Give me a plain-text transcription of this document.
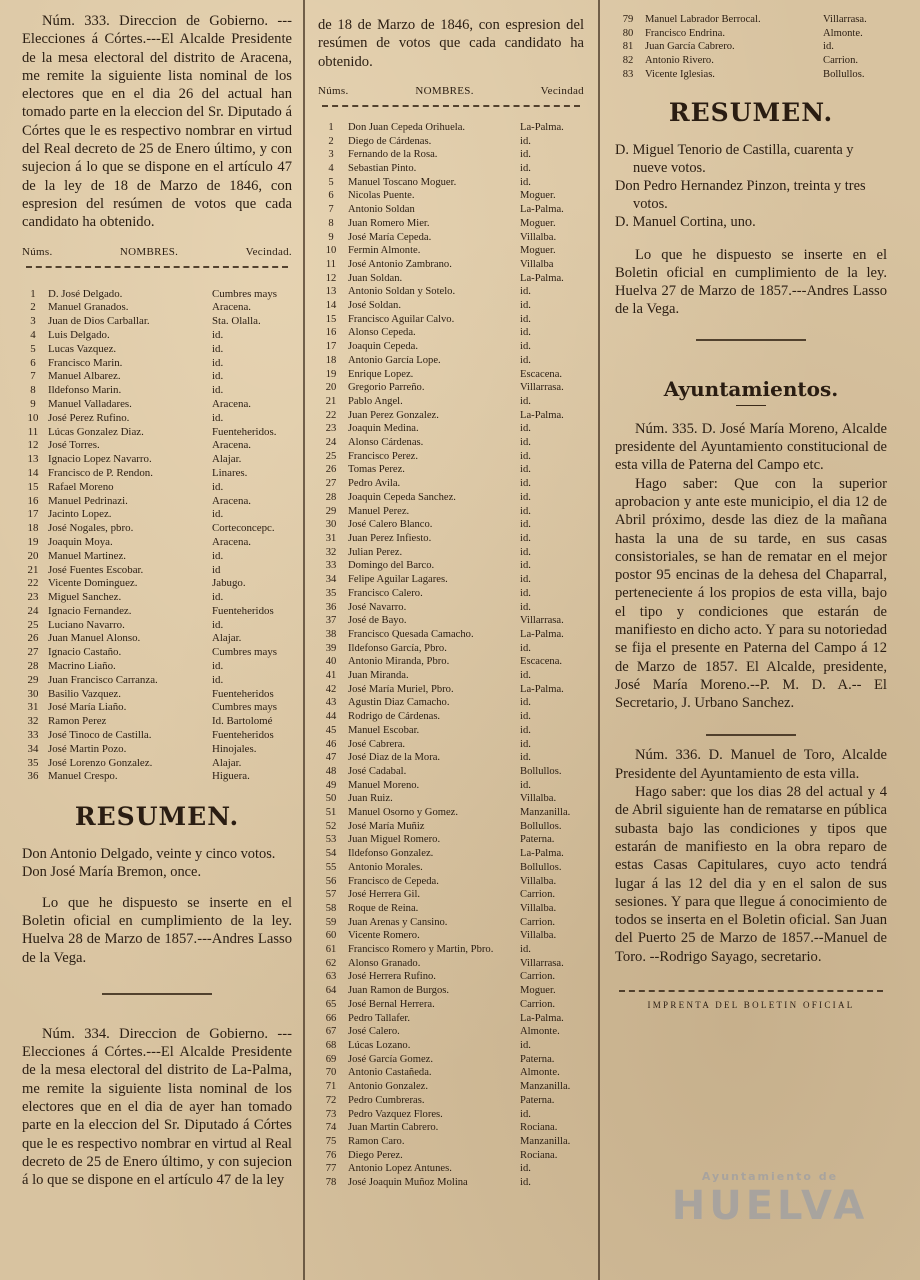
Núm. 333. Direccion de Gobierno. ---Elecciones á Córtes.---El Alcalde Presidente de la mesa electoral del distrito de Aracena, me remite la siguiente lista nominal de los electores que en el dia 26 del actual han tomado parte en la eleccion del Sr. Diputado á Córtes que le es respectivo nombrar en virtud del Real decreto de 25 de Enero último, y con sujecion á lo que se dispone en el artículo 47 de la ley de 18 de Marzo de 1846, con espresion del resúmen de votos que cada candidato ha obtenido.

Núms.	NOMBRES.	Vecindad.
1	D. José Delgado.	Cumbres mays
2	Manuel Granados.	Aracena.
3	Juan de Dios Carballar.	Sta. Olalla.
4	Luis Delgado.	id.
5	Lucas Vazquez.	id.
6	Francisco Marin.	id.
7	Manuel Albarez.	id.
8	Ildefonso Marin.	id.
9	Manuel Valladares.	Aracena.
10 José Perez Rufino.	id.
11 Lúcas Gonzalez Diaz.	Fuenteheridos.
12 José Torres.	Aracena.
13 Ignacio Lopez Navarro.	Alajar.
14 Francisco de P. Rendon.	Linares.
15 Rafael Moreno	id.
16 Manuel Pedrinazi.	Aracena.
17 Jacinto Lopez.	id.
18 José Nogales, pbro.	Corteconcepc.
19 Joaquin Moya.	Aracena.
20 Manuel Martinez.	id.
21 José Fuentes Escobar.	id
22 Vicente Dominguez.	Jabugo.
23 Miguel Sanchez.	id.
24 Ignacio Fernandez.	Fuenteheridos
25 Luciano Navarro.	id.
26 Juan Manuel Alonso.	Alajar.
27 Ignacio Castaño.	Cumbres mays
28 Macrino Liaño.	id.
29 Juan Francisco Carranza.	id.
30 Basilio Vazquez.	Fuenteheridos
31 José María Liaño.	Cumbres mays
32 Ramon Perez	Id. Bartolomé
33 José Tinoco de Castilla.	Fuenteheridos
34 José Martin Pozo.	Hinojales.
35 José Lorenzo Gonzalez.	Alajar.
36 Manuel Crespo.	Higuera.
RESUMEN.

Don Antonio Delgado, veinte y cinco votos.

Don José María Bremon, once.

Lo que he dispuesto se inserte en el Boletin oficial en cumplimiento de la ley. Huelva 28 de Marzo de 1857.---Andres Lasso de la Vega.

Núm. 334. Direccion de Gobierno. ---Elecciones á Córtes.---El Alcalde Presidente de la mesa electoral del distrito de La-Palma, me remite la siguiente lista nominal de los electores que en el dia de ayer han tomado parte en la eleccion del Sr. Diputado á Córtes que le es respectivo nombrar en virtud al Real decreto de 25 de Enero último, y con sujecion á lo que se dispone en el artículo 47 de la ley

de 18 de Marzo de 1846, con espresion del resúmen de votos que cada candidato ha obtenido.

Núms.	NOMBRES.	Vecindad
1	Don Juan Cepeda Orihuela.	La-Palma.
2	Diego de Cárdenas.	id.
3	Fernando de la Rosa.	id.
4	Sebastian Pinto.	id.
5	Manuel Toscano Moguer.	id.
6	Nicolas Puente.	Moguer.
7	Antonio Soldan	La-Palma.
8	Juan Romero Mier.	Moguer.
9	José María Cepeda.	Villalba.
10	Fermin Almonte.	Moguer.
11	José Antonio Zambrano.	Villalba
12	Juan Soldan.	La-Palma.
13	Antonio Soldan y Sotelo.	id.
14	José Soldan.	id.
15	Francisco Aguilar Calvo.	id.
16	Alonso Cepeda.	id.
17	Joaquin Cepeda.	id.
18	Antonio García Lope.	id.
19	Enrique Lopez.	Escacena.
20	Gregorio Parreño.	Villarrasa.
21	Pablo Angel.	id.
22	Juan Perez Gonzalez.	La-Palma.
23	Joaquin Medina.	id.
24	Alonso Cárdenas.	id.
25	Francisco Perez.	id.
26	Tomas Perez.	id.
27	Pedro Avila.	id.
28	Joaquin Cepeda Sanchez.	id.
29	Manuel Perez.	id.
30	José Calero Blanco.	id.
31	Juan Perez Infiesto.	id.
32	Julian Perez.	id.
33	Domingo del Barco.	id.
34	Felipe Aguilar Lagares.	id.
35	Francisco Calero.	id.
36	José Navarro.	id.
37	José de Bayo.	Villarrasa.
38	Francisco Quesada Camacho.	La-Palma.
39	Ildefonso García, Pbro.	id.
40	Antonio Miranda, Pbro.	Escacena.
41	Juan Miranda.	id.
42	José María Muriel, Pbro.	La-Palma.
43	Agustin Diaz Camacho.	id.
44	Rodrigo de Cárdenas.	id.
45	Manuel Escobar.	id.
46	José Cabrera.	id.
47	José Diaz de la Mora.	id.
48	José Cadabal.	Bollullos.
49	Manuel Moreno.	id.
50	Juan Ruiz.	Villalba.
51	Manuel Osorno y Gomez.	Manzanilla.
52	José María Muñiz	Bollullos.
53	Juan Miguel Romero.	Paterna.
54	Ildefonso Gonzalez.	La-Palma.
55	Antonio Morales.	Bollullos.
56	Francisco de Cepeda.	Villalba.
57	José Herrera Gil.	Carrion.
58	Roque de Reina.	Villalba.
59	Juan Arenas y Cansino.	Carrion.
60	Vicente Romero.	Villalba.
61	Francisco Romero y Martin, Pbro.	id.
62	Alonso Granado.	Villarrasa.
63	José Herrera Rufino.	Carrion.
64	Juan Ramon de Burgos.	Moguer.
65	José Bernal Herrera.	Carrion.
66	Pedro Tallafer.	La-Palma.
67	José Calero.	Almonte.
68	Lúcas Lozano.	id.
69	José García Gomez.	Paterna.
70	Antonio Castañeda.	Almonte.
71	Antonio Gonzalez.	Manzanilla.
72	Pedro Cumbreras.	Paterna.
73	Pedro Vazquez Flores.	id.
74	Juan Martin Cabrero.	Rociana.
75	Ramon Caro.	Manzanilla.
76	Diego Perez.	Rociana.
77	Antonio Lopez Antunes.	id.
78	José Joaquin Muñoz Molina	id.
79	Manuel Labrador Berrocal.	Villarrasa.
80	Francisco Endrina.	Almonte.
81	Juan García Cabrero.	id.
82	Antonio Rivero.	Carrion.
83	Vicente Iglesias.	Bollullos.
RESUMEN.

D. Miguel Tenorio de Castilla, cuarenta y nueve votos.

Don Pedro Hernandez Pinzon, treinta y tres votos.

D. Manuel Cortina, uno.

Lo que he dispuesto se inserte en el Boletin oficial en cumplimiento de la ley. Huelva 27 de Marzo de 1857.---Andres Lasso de la Vega.

Ayuntamientos.

Núm. 335. D. José María Moreno, Alcalde presidente del Ayuntamiento constitucional de esta villa de Paterna del Campo etc.

Hago saber: Que con la superior aprobacion y ante este municipio, el dia 12 de Abril próximo, desde las diez de la mañana hasta la una de su tarde, en sus casas consistoriales, se han de rematar en el mejor postor 95 encinas de la dehesa del Chaparral, perteneciente á los propios de esta villa, bajo el tipo y condiciones que estarán de manifiesto en dicho acto. Y para su notoriedad se fija el presente en Paterna del Campo á 12 de Marzo de 1857. El Alcalde, presidente, José María Moreno.--P. M. D. A.-- El Secretario, J. Urbano Sanchez.

Núm. 336. D. Manuel de Toro, Alcalde Presidente del Ayuntamiento de esta villa.

Hago saber: que los dias 28 del actual y 4 de Abril siguiente han de rematarse en pública subasta bajo las condiciones y tipos que estarán de manifiesto en la obra reparo de estas Casas Capitulares, cuyo acto tendrá lugar á las 12 del dia y en el salon de sus sesiones. Y para que llegue á conocimiento de todos se inserta en el Boletin oficial. San Juan del Puerto 25 de Marzo de 1857.--Manuel de Toro. --Rodrigo Sayago, secretario.

IMPRENTA DEL BOLETIN OFICIAL
Ayuntamiento de
HUELVA
